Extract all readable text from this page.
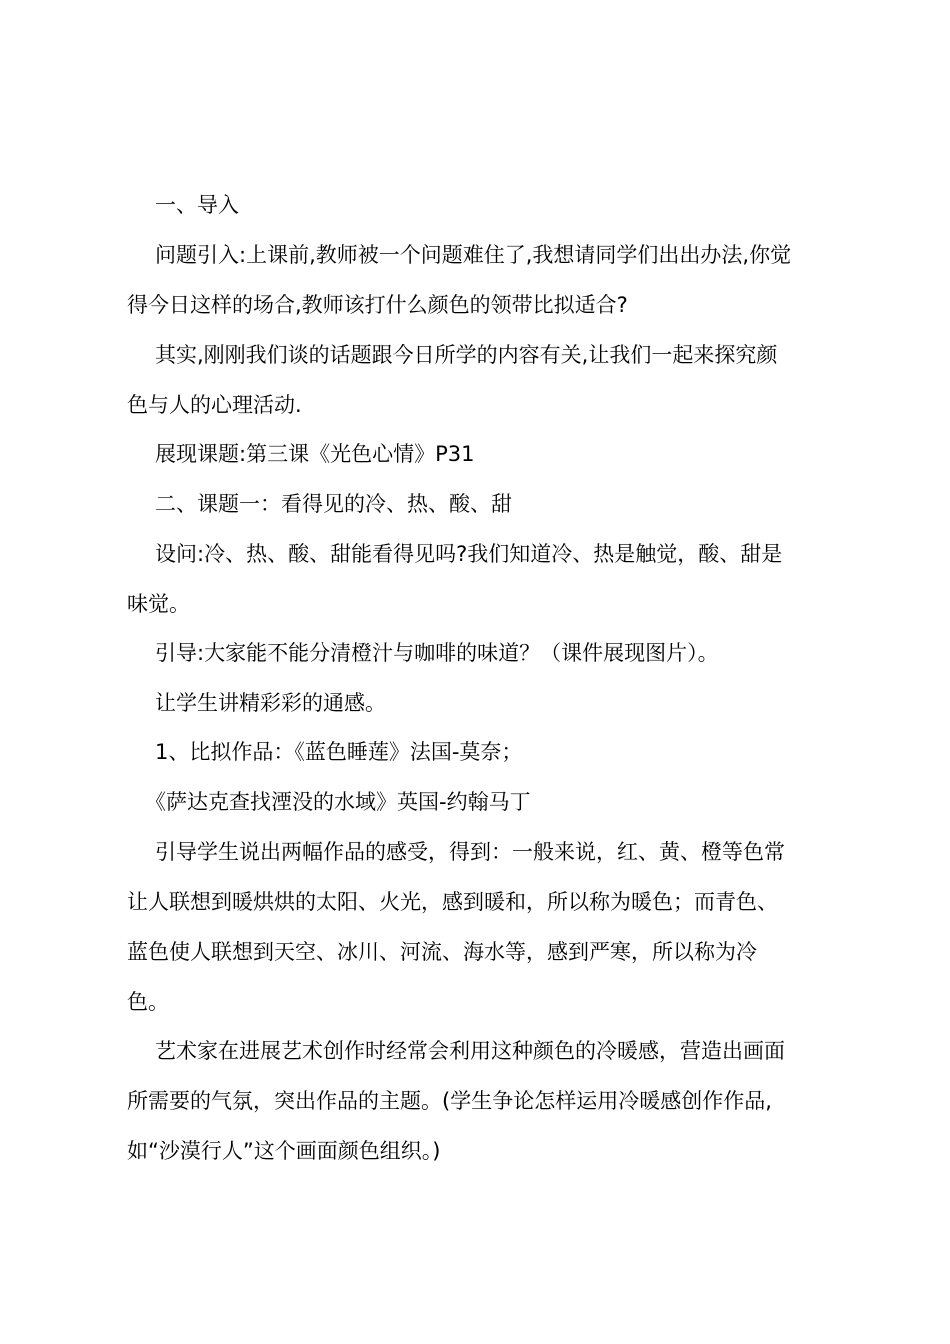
一、导入

问题引入:上课前,教师被一个问题难住了,我想请同学们出出办法,你觉
得今日这样的场合,教师该打什么颜色的领带比拟适合?

其实,刚刚我们谈的话题跟今日所学的内容有关,让我们一起来探究颜
色与人的心理活动.

展现课题:第三课《光色心情》P31

二、课题一：看得见的冷、热、酸、甜

设问:冷、热、酸、甜能看得见吗?我们知道冷、热是触觉，酸、甜是
味觉。

引导:大家能不能分清橙汁与咖啡的味道？（课件展现图片）。

让学生讲精彩彩的通感。

1、比拟作品：《蓝色睡莲》法国-莫奈；

《萨达克查找湮没的水域》英国-约翰马丁

引导学生说出两幅作品的感受，得到：一般来说，红、黄、橙等色常
让人联想到暖烘烘的太阳、火光，感到暖和，所以称为暖色；而青色、
蓝色使人联想到天空、冰川、河流、海水等，感到严寒，所以称为冷
色。

艺术家在进展艺术创作时经常会利用这种颜色的冷暖感，营造出画面
所需要的气氛，突出作品的主题。(学生争论怎样运用冷暖感创作作品,
如“沙漠行人”这个画面颜色组织。)
